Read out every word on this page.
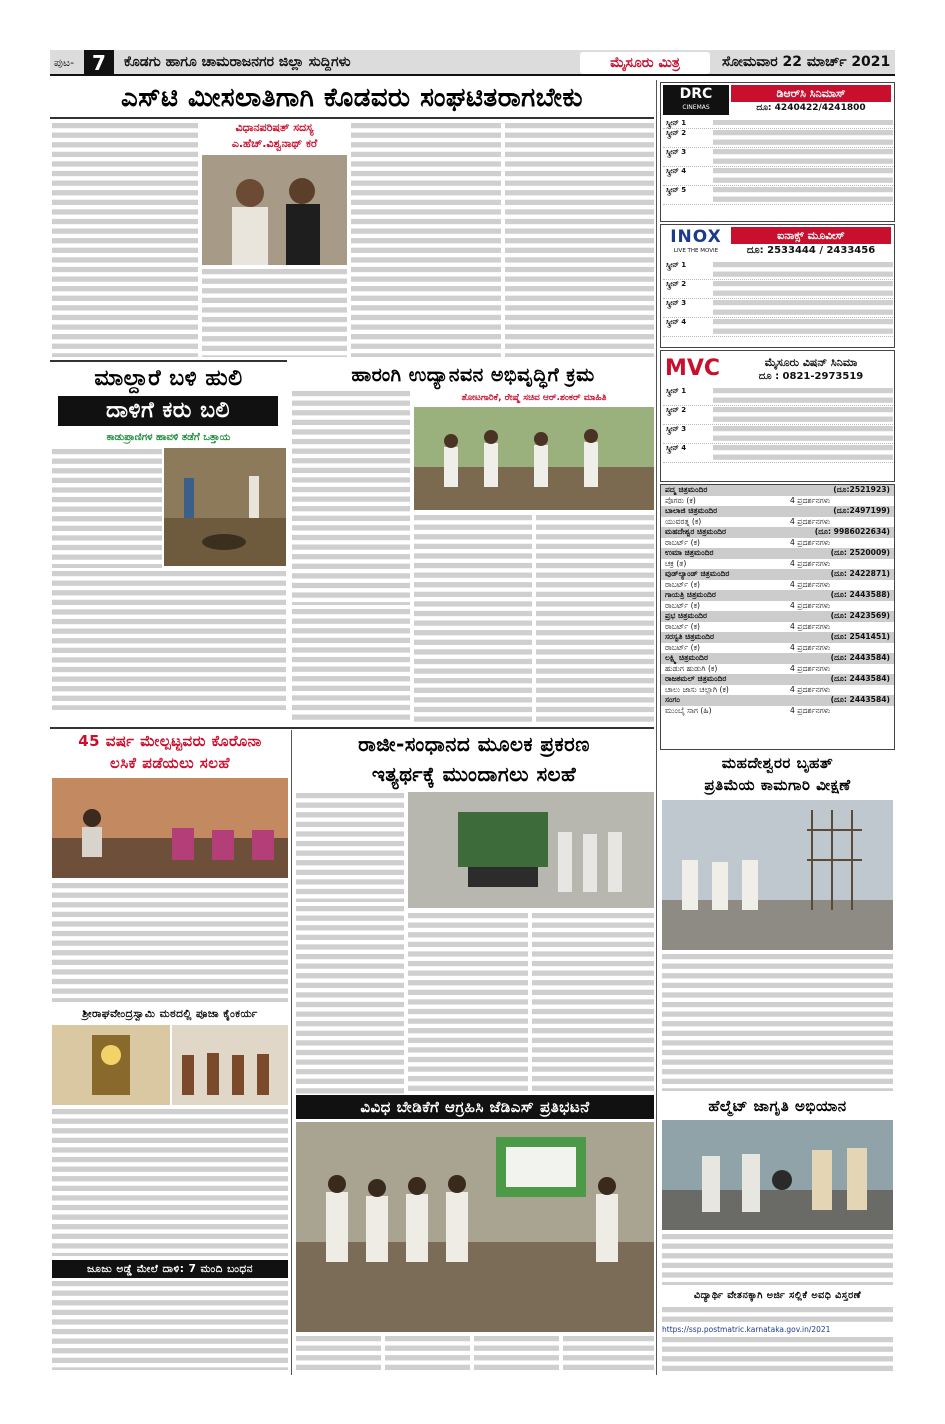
ಪುಟ- 7	ಕೊಡಗು ಹಾಗೂ ಚಾಮರಾಜನಗರ ಜಿಲ್ಲಾ ಸುದ್ದಿಗಳು	ಮೈಸೂರು ಮಿತ್ರ	ಸೋಮವಾರ 22 ಮಾರ್ಚ್ 2021
ಎಸ್‌ಟಿ ಮೀಸಲಾತಿಗಾಗಿ ಕೊಡವರು ಸಂಘಟಿತರಾಗಬೇಕು
ವಿಧಾನಪರಿಷತ್ ಸದಸ್ಯ ಎ.ಹೆಚ್.ವಿಶ್ವನಾಥ್ ಕರೆ
ಮಾಲ್ದಾರೆ ಬಳಿ ಹುಲಿ
ದಾಳಿಗೆ ಕರು ಬಲಿ
ಕಾಡುಪ್ರಾಣಿಗಳ ಹಾವಳಿ ತಡೆಗೆ ಒತ್ತಾಯ
ಹಾರಂಗಿ ಉದ್ಯಾನವನ ಅಭಿವೃದ್ಧಿಗೆ ಕ್ರಮ
ತೋಟಗಾರಿಕೆ, ರೇಷ್ಮೆ ಸಚಿವ ಆರ್.ಶಂಕರ್ ಮಾಹಿತಿ
45 ವರ್ಷ ಮೇಲ್ಪಟ್ಟವರು ಕೊರೊನಾ
ಲಸಿಕೆ ಪಡೆಯಲು ಸಲಹೆ
ಶ್ರೀರಾಘವೇಂದ್ರಸ್ವಾಮಿ ಮಠದಲ್ಲಿ ಪೂಜಾ ಕೈಂಕರ್ಯ
ಜೂಜು ಅಡ್ಡೆ ಮೇಲೆ ದಾಳಿ: 7 ಮಂದಿ ಬಂಧನ
ರಾಜೀ-ಸಂಧಾನದ ಮೂಲಕ ಪ್ರಕರಣ
ಇತ್ಯರ್ಥಕ್ಕೆ ಮುಂದಾಗಲು ಸಲಹೆ
ವಿವಿಧ ಬೇಡಿಕೆಗೆ ಆಗ್ರಹಿಸಿ ಜೆಡಿಎಸ್ ಪ್ರತಿಭಟನೆ
DRC
CINEMAS
ಡಿಆರ್‌ಸಿ ಸಿನಿಮಾಸ್
ದೂ: 4240422/4241800
ಸ್ಕ್ರೀನ್ 1
ಸ್ಕ್ರೀನ್ 2
ಸ್ಕ್ರೀನ್ 3
ಸ್ಕ್ರೀನ್ 4
ಸ್ಕ್ರೀನ್ 5
INOX
LIVE THE MOVIE
ಐನಾಕ್ಸ್ ಮೂವೀಸ್
ದೂ: 2533444 / 2433456
ಸ್ಕ್ರೀನ್ 1
ಸ್ಕ್ರೀನ್ 2
ಸ್ಕ್ರೀನ್ 3
ಸ್ಕ್ರೀನ್ 4
MVC	ಮೈಸೂರು ವಿಷನ್ ಸಿನಿಮಾ
ದೂ : 0821-2973519
ಸ್ಕ್ರೀನ್ 1
ಸ್ಕ್ರೀನ್ 2
ಸ್ಕ್ರೀನ್ 3
ಸ್ಕ್ರೀನ್ 4
ಪದ್ಮ ಚಿತ್ರಮಂದಿರ	(ದೂ:2521923)
ಪೊಗರು (ಕ)	4 ಪ್ರದರ್ಶನಗಳು
ಬಾಲಾಜಿ ಚಿತ್ರಮಂದಿರ	(ದೂ:2497199)
ಯುವರತ್ನ (ಕ)	4 ಪ್ರದರ್ಶನಗಳು
ಮಹದೇಶ್ವರ ಚಿತ್ರಮಂದಿರ	(ದೂ: 9986022634)
ರಾಬರ್ಟ್ (ಕ)	4 ಪ್ರದರ್ಶನಗಳು
ಉಮಾ ಚಿತ್ರಮಂದಿರ	(ದೂ: 2520009)
ಚಕ್ರ (ತ)	4 ಪ್ರದರ್ಶನಗಳು
ವುಡ್‌ಲ್ಯಾಂಡ್ ಚಿತ್ರಮಂದಿರ	(ದೂ: 2422871)
ರಾಬರ್ಟ್ (ಕ)	4 ಪ್ರದರ್ಶನಗಳು
ಗಾಯತ್ರಿ ಚಿತ್ರಮಂದಿರ	(ದೂ: 2443588)
ರಾಬರ್ಟ್ (ಕ)	4 ಪ್ರದರ್ಶನಗಳು
ಪ್ರಭ ಚಿತ್ರಮಂದಿರ	(ದೂ: 2423569)
ರಾಬರ್ಟ್ (ಕ)	4 ಪ್ರದರ್ಶನಗಳು
ಸರಸ್ವತಿ ಚಿತ್ರಮಂದಿರ	(ದೂ: 2541451)
ರಾಬರ್ಟ್ (ಕ)	4 ಪ್ರದರ್ಶನಗಳು
ಲಕ್ಷ್ಮಿ ಚಿತ್ರಮಂದಿರ	(ದೂ: 2443584)
ಹುಡುಗ ಹುಡುಗಿ (ಕ)	4 ಪ್ರದರ್ಶನಗಳು
ರಾಜಕಮಲ್ ಚಿತ್ರಮಂದಿರ	(ದೂ: 2443584)
ಚಾಲು ಜಾಸು ಚಲ್ಲಾಗಿ (ಕ)	4 ಪ್ರದರ್ಶನಗಳು
ಸಂಗಂ	(ದೂ: 2443584)
ಮುಂಬೈ ಸಾಗ (ಹಿ)	4 ಪ್ರದರ್ಶನಗಳು
ಮಹದೇಶ್ವರರ ಬೃಹತ್
ಪ್ರತಿಮೆಯ ಕಾಮಗಾರಿ ವೀಕ್ಷಣೆ
ಹೆಲ್ಮೆಟ್ ಜಾಗೃತಿ ಅಭಿಯಾನ
ವಿದ್ಯಾರ್ಥಿ ವೇತನಕ್ಕಾಗಿ ಅರ್ಜಿ ಸಲ್ಲಿಕೆ ಅವಧಿ ವಿಸ್ತರಣೆ
https://ssp.postmatric.karnataka.gov.in/2021
